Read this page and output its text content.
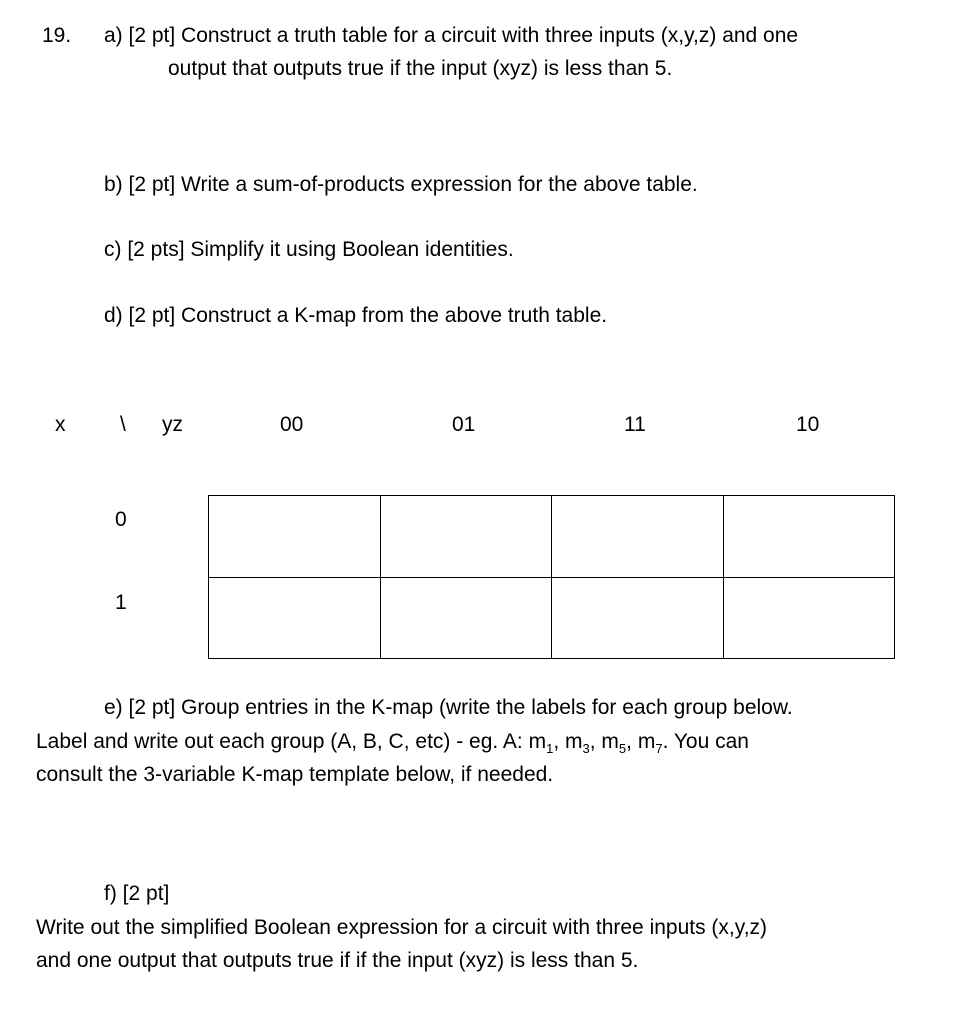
19. a) [2 pt] Construct a truth table for a circuit with three inputs (x,y,z) and one
output that outputs true if the input (xyz) is less than 5.
b) [2 pt] Write a sum-of-products expression for the above table.
c) [2 pts] Simplify it using Boolean identities.
d) [2 pt] Construct a K-map from the above truth table.
x	\ yz	00	01	11	10
0
1

e) [2 pt] Group entries in the K-map (write the labels for each group below.
Label and write out each group (A, B, C, etc) - eg. A: $m_1$, $m_3$, $m_5$, $m_7$. You can
consult the 3-variable K-map template below, if needed.
f) [2 pt]
Write out the simplified Boolean expression for a circuit with three inputs (x,y,z)
and one output that outputs true if if the input (xyz) is less than 5.
